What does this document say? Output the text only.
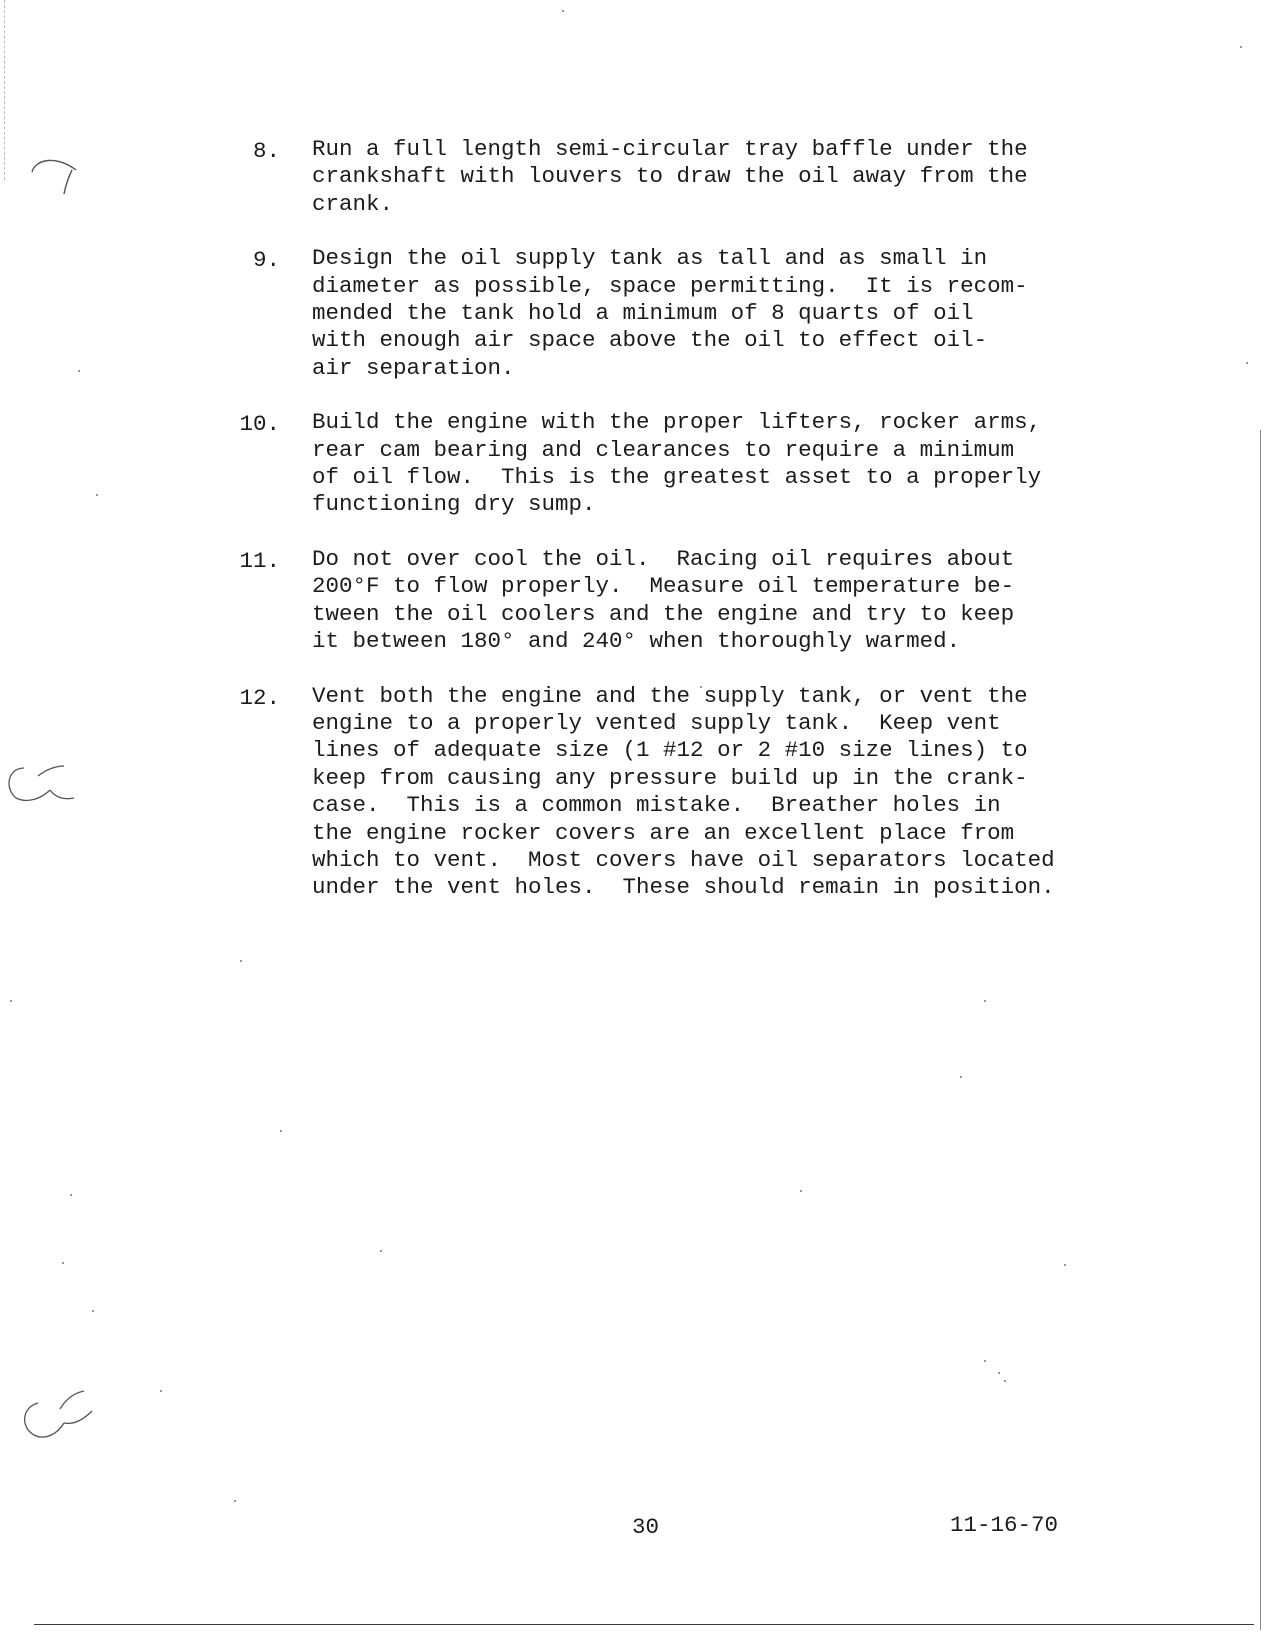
8. Run a full length semi-circular tray baffle under the
crankshaft with louvers to draw the oil away from the
crank.
9. Design the oil supply tank as tall and as small in
diameter as possible, space permitting.  It is recom-
mended the tank hold a minimum of 8 quarts of oil
with enough air space above the oil to effect oil-
air separation.
10. Build the engine with the proper lifters, rocker arms,
rear cam bearing and clearances to require a minimum
of oil flow.  This is the greatest asset to a properly
functioning dry sump.
11. Do not over cool the oil.  Racing oil requires about
200°F to flow properly.  Measure oil temperature be-
tween the oil coolers and the engine and try to keep
it between 180° and 240° when thoroughly warmed.
12. Vent both the engine and the supply tank, or vent the
engine to a properly vented supply tank.  Keep vent
lines of adequate size (1 #12 or 2 #10 size lines) to
keep from causing any pressure build up in the crank-
case.  This is a common mistake.  Breather holes in
the engine rocker covers are an excellent place from
which to vent.  Most covers have oil separators located
under the vent holes.  These should remain in position.
30	11-16-70
